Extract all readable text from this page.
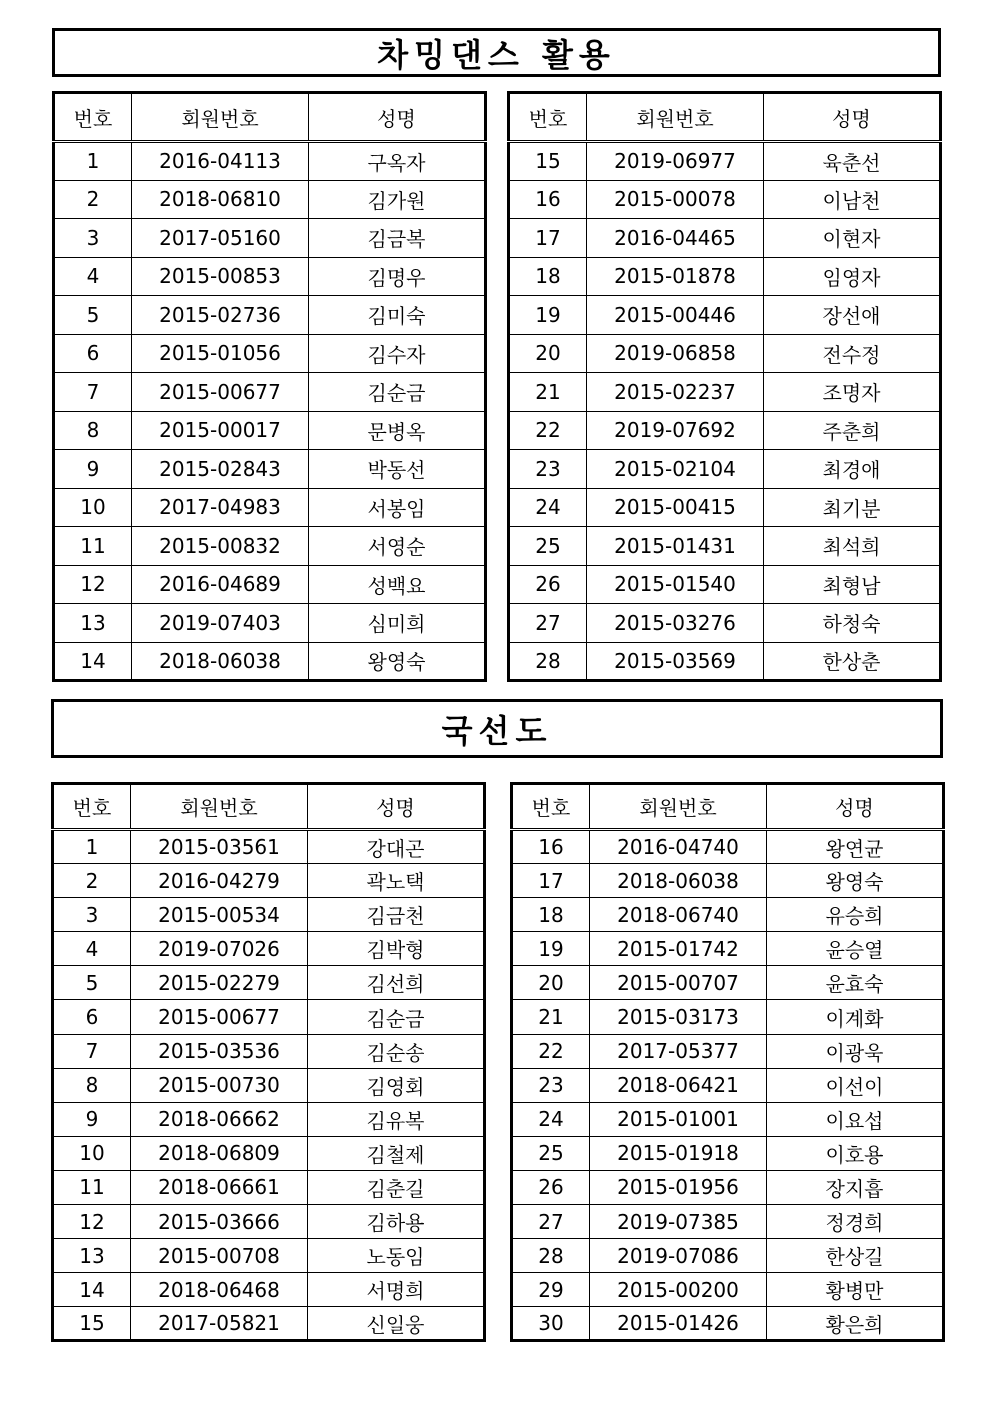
차밍댄스 활용
번호	회원번호	성명
1	2016-04113	구옥자
2	2018-06810	김가원
3	2017-05160	김금복
4	2015-00853	김명우
5	2015-02736	김미숙
6	2015-01056	김수자
7	2015-00677	김순금
8	2015-00017	문병옥
9	2015-02843	박동선
10	2017-04983	서봉임
11	2015-00832	서영순
12	2016-04689	성백요
13	2019-07403	심미희
14	2018-06038	왕영숙
번호	회원번호	성명
15	2019-06977	육춘선
16	2015-00078	이남천
17	2016-04465	이현자
18	2015-01878	임영자
19	2015-00446	장선애
20	2019-06858	전수정
21	2015-02237	조명자
22	2019-07692	주춘희
23	2015-02104	최경애
24	2015-00415	최기분
25	2015-01431	최석희
26	2015-01540	최형남
27	2015-03276	하청숙
28	2015-03569	한상춘
국선도
번호	회원번호	성명
1	2015-03561	강대곤
2	2016-04279	곽노택
3	2015-00534	김금천
4	2019-07026	김박형
5	2015-02279	김선희
6	2015-00677	김순금
7	2015-03536	김순송
8	2015-00730	김영회
9	2018-06662	김유복
10	2018-06809	김철제
11	2018-06661	김춘길
12	2015-03666	김하용
13	2015-00708	노동임
14	2018-06468	서명희
15	2017-05821	신일웅
번호	회원번호	성명
16	2016-04740	왕연균
17	2018-06038	왕영숙
18	2018-06740	유승희
19	2015-01742	윤승열
20	2015-00707	윤효숙
21	2015-03173	이계화
22	2017-05377	이광욱
23	2018-06421	이선이
24	2015-01001	이요섭
25	2015-01918	이호용
26	2015-01956	장지흡
27	2019-07385	정경희
28	2019-07086	한상길
29	2015-00200	황병만
30	2015-01426	황은희
